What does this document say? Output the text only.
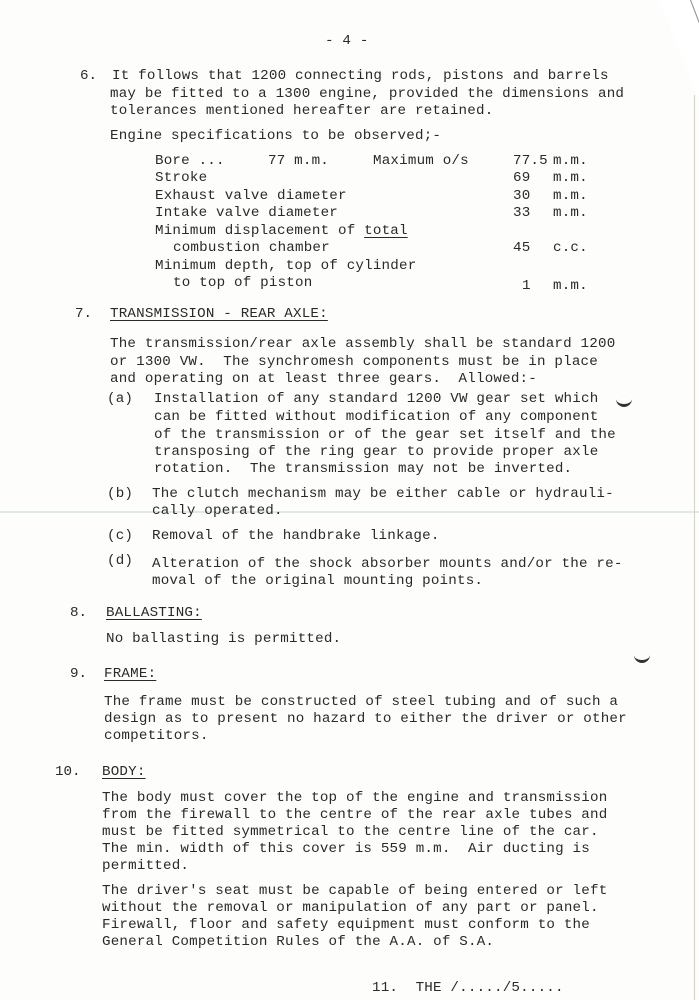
- 4 -
6. It follows that 1200 connecting rods, pistons and barrels
may be fitted to a 1300 engine, provided the dimensions and
tolerances mentioned hereafter are retained.
Engine specifications to be observed;-
Bore ...	77 m.m.	Maximum o/s	77.5 m.m.
Stroke	69 m.m.
Exhaust valve diameter	30 m.m.
Intake valve diameter	33 m.m.
Minimum displacement of total
combustion chamber	45 c.c.
Minimum depth, top of cylinder
to top of piston	1 m.m.
7. TRANSMISSION - REAR AXLE:
The transmission/rear axle assembly shall be standard 1200
or 1300 VW.  The synchromesh components must be in place
and operating on at least three gears.  Allowed:-
(a) Installation of any standard 1200 VW gear set which
can be fitted without modification of any component
of the transmission or of the gear set itself and the
transposing of the ring gear to provide proper axle
rotation.  The transmission may not be inverted.
(b) The clutch mechanism may be either cable or hydrauli-
cally operated.
(c) Removal of the handbrake linkage.
(d) Alteration of the shock absorber mounts and/or the re-
moval of the original mounting points.
8. BALLASTING:
No ballasting is permitted.
9. FRAME:
The frame must be constructed of steel tubing and of such a
design as to present no hazard to either the driver or other
competitors.
10. BODY:
The body must cover the top of the engine and transmission
from the firewall to the centre of the rear axle tubes and
must be fitted symmetrical to the centre line of the car.
The min. width of this cover is 559 m.m.  Air ducting is
permitted.
The driver's seat must be capable of being entered or left
without the removal or manipulation of any part or panel.
Firewall, floor and safety equipment must conform to the
General Competition Rules of the A.A. of S.A.
11.  THE /...../5.....
